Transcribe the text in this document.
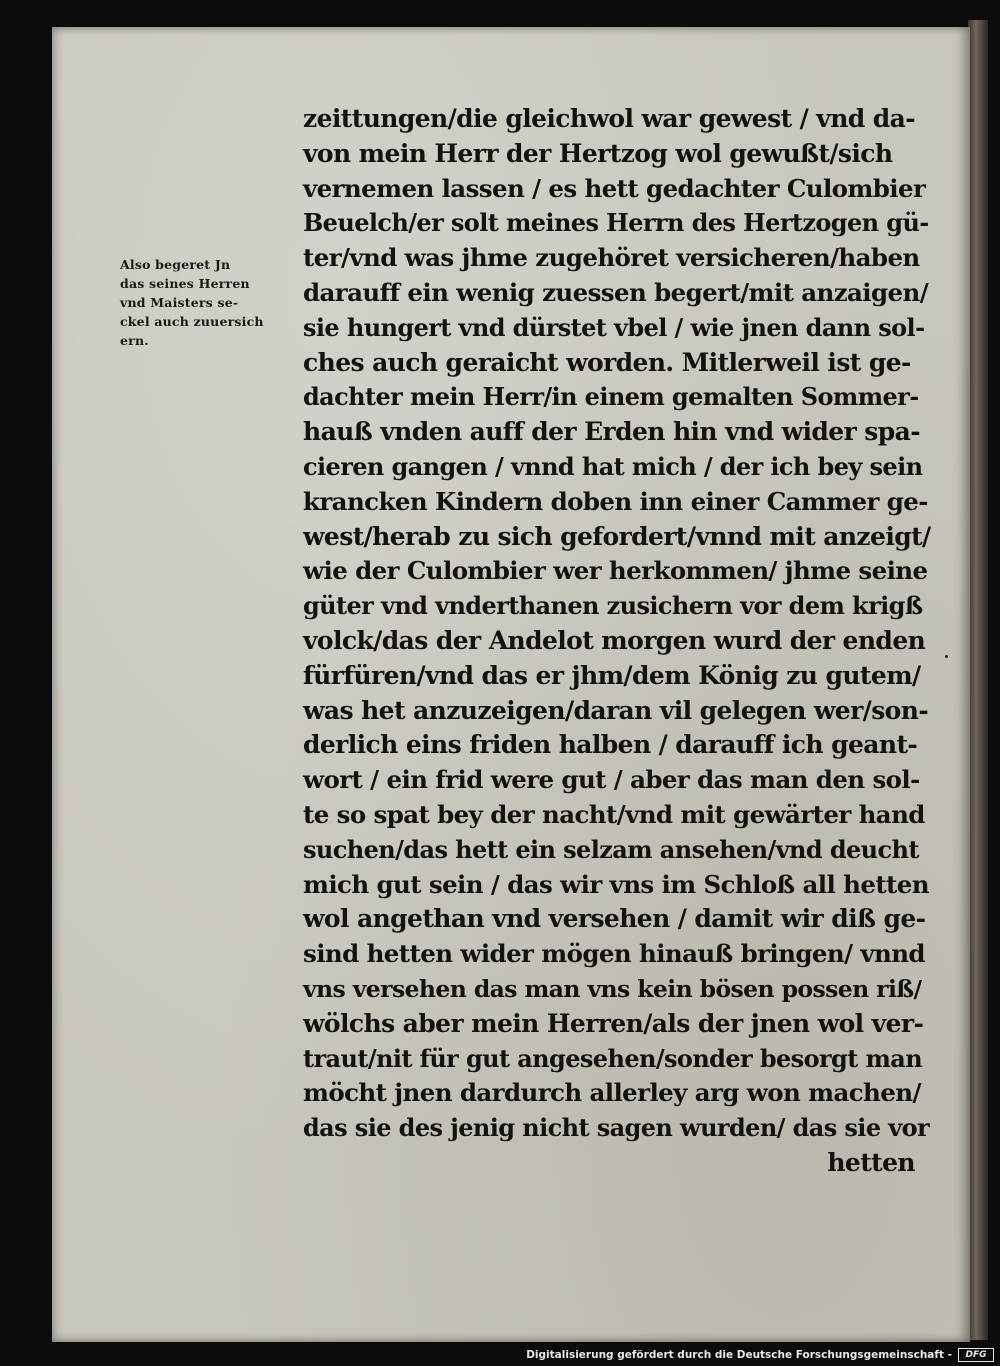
Also begeret Jn
das seines Herren
vnd Maisters se-
ckel auch zuuersich
ern.
zeittungen/die gleichwol war gewest / vnd da-
von mein Herr der Hertzog wol gewußt/sich
vernemen lassen / es hett gedachter Culombier
Beuelch/er solt meines Herrn des Hertzogen gü-
ter/vnd was jhme zugehöret versicheren/haben
darauff ein wenig zuessen begert/mit anzaigen/
sie hungert vnd dürstet vbel / wie jnen dann sol-
ches auch geraicht worden. Mitlerweil ist ge-
dachter mein Herr/in einem gemalten Sommer-
hauß vnden auff der Erden hin vnd wider spa-
cieren gangen / vnnd hat mich / der ich bey sein
krancken Kindern doben inn einer Cammer ge-
west/herab zu sich gefordert/vnnd mit anzeigt/
wie der Culombier wer herkommen/ jhme seine
güter vnd vnderthanen zusichern vor dem krigß
volck/das der Andelot morgen wurd der enden
fürfüren/vnd das er jhm/dem König zu gutem/
was het anzuzeigen/daran vil gelegen wer/son-
derlich eins friden halben / darauff ich geant-
wort / ein frid were gut / aber das man den sol-
te so spat bey der nacht/vnd mit gewärter hand
suchen/das hett ein selzam ansehen/vnd deucht
mich gut sein / das wir vns im Schloß all hetten
wol angethan vnd versehen / damit wir diß ge-
sind hetten wider mögen hinauß bringen/ vnnd
vns versehen das man vns kein bösen possen riß/
wölchs aber mein Herren/als der jnen wol ver-
traut/nit für gut angesehen/sonder besorgt man
möcht jnen dardurch allerley arg won machen/
das sie des jenig nicht sagen wurden/ das sie vor
hetten
Digitalisierung gefördert durch die Deutsche Forschungsgemeinschaft -	DFG
